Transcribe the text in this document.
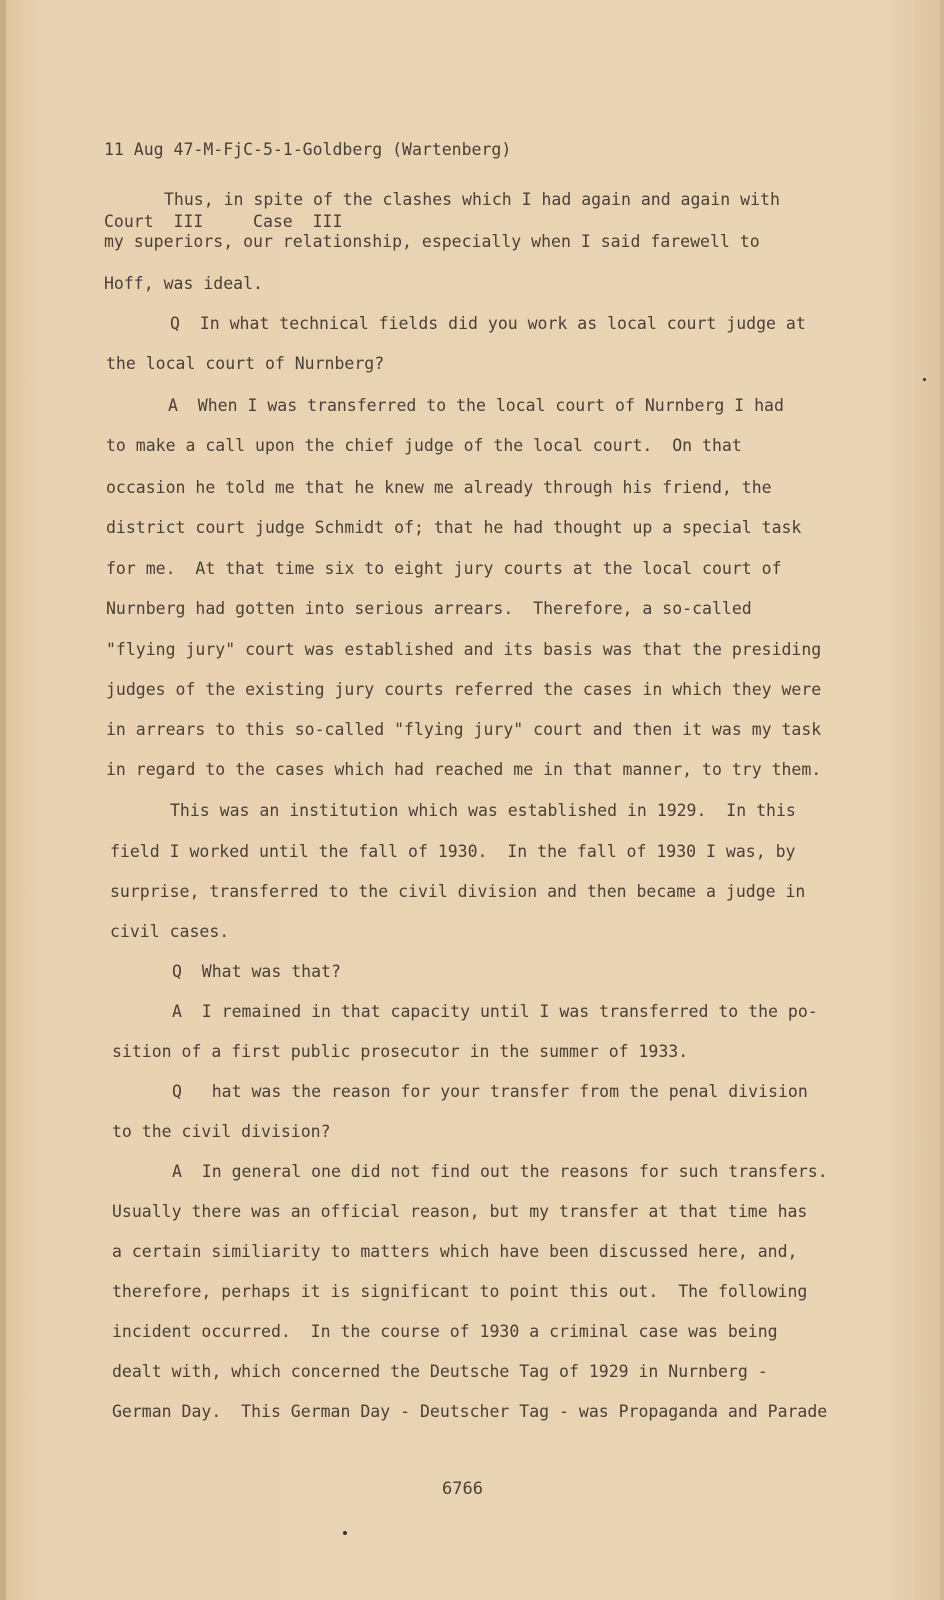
11 Aug 47-M-FjC-5-1-Goldberg (Wartenberg)

Court  III     Case  III

Thus, in spite of the clashes which I had again and again with
my superiors, our relationship, especially when I said farewell to
Hoff, was ideal.
Q  In what technical fields did you work as local court judge at
the local court of Nurnberg?
A  When I was transferred to the local court of Nurnberg I had
to make a call upon the chief judge of the local court.  On that
occasion he told me that he knew me already through his friend, the
district court judge Schmidt of; that he had thought up a special task
for me.  At that time six to eight jury courts at the local court of
Nurnberg had gotten into serious arrears.  Therefore, a so-called
"flying jury" court was established and its basis was that the presiding
judges of the existing jury courts referred the cases in which they were
in arrears to this so-called "flying jury" court and then it was my task
in regard to the cases which had reached me in that manner, to try them.
This was an institution which was established in 1929.  In this
field I worked until the fall of 1930.  In the fall of 1930 I was, by
surprise, transferred to the civil division and then became a judge in
civil cases.
Q  What was that?
A  I remained in that capacity until I was transferred to the po-
sition of a first public prosecutor in the summer of 1933.
Q   hat was the reason for your transfer from the penal division
to the civil division?
A  In general one did not find out the reasons for such transfers.
Usually there was an official reason, but my transfer at that time has
a certain similiarity to matters which have been discussed here, and,
therefore, perhaps it is significant to point this out.  The following
incident occurred.  In the course of 1930 a criminal case was being
dealt with, which concerned the Deutsche Tag of 1929 in Nurnberg -
German Day.  This German Day - Deutscher Tag - was Propaganda and Parade
6766
